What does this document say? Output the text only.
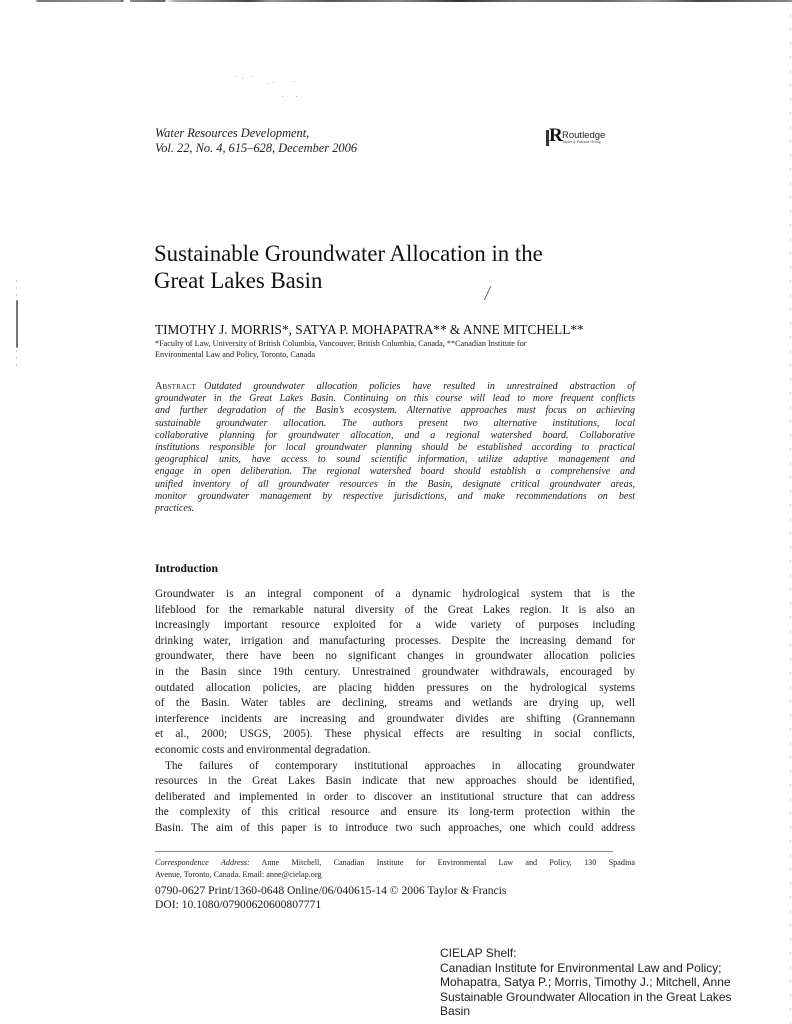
Water Resources Development,
Vol. 22, No. 4, 615–628, December 2006
R Routledge
Taylor & Francis Group
Sustainable Groundwater Allocation in the
Great Lakes Basin
TIMOTHY J. MORRIS*, SATYA P. MOHAPATRA** & ANNE MITCHELL**
*Faculty of Law, University of British Columbia, Vancouver, British Columbia, Canada, **Canadian Institute for
Environmental Law and Policy, Toronto, Canada
Abstract Outdated groundwater allocation policies have resulted in unrestrained abstraction of
groundwater in the Great Lakes Basin. Continuing on this course will lead to more frequent conflicts
and further degradation of the Basin’s ecosystem. Alternative approaches must focus on achieving
sustainable groundwater allocation. The authors present two alternative institutions, local
collaborative planning for groundwater allocation, and a regional watershed board. Collaborative
institutions responsible for local groundwater planning should be established according to practical
geographical units, have access to sound scientific information, utilize adaptive management and
engage in open deliberation. The regional watershed board should establish a comprehensive and
unified inventory of all groundwater resources in the Basin, designate critical groundwater areas,
monitor groundwater management by respective jurisdictions, and make recommendations on best
practices.
Introduction
Groundwater is an integral component of a dynamic hydrological system that is the
lifeblood for the remarkable natural diversity of the Great Lakes region. It is also an
increasingly important resource exploited for a wide variety of purposes including
drinking water, irrigation and manufacturing processes. Despite the increasing demand for
groundwater, there have been no significant changes in groundwater allocation policies
in the Basin since 19th century. Unrestrained groundwater withdrawals, encouraged by
outdated allocation policies, are placing hidden pressures on the hydrological systems
of the Basin. Water tables are declining, streams and wetlands are drying up, well
interference incidents are increasing and groundwater divides are shifting (Grannemann
et al., 2000; USGS, 2005). These physical effects are resulting in social conflicts,
economic costs and environmental degradation.
The failures of contemporary institutional approaches in allocating groundwater
resources in the Great Lakes Basin indicate that new approaches should be identified,
deliberated and implemented in order to discover an institutional structure that can address
the complexity of this critical resource and ensure its long-term protection within the
Basin. The aim of this paper is to introduce two such approaches, one which could address
Correspondence Address: Anne Mitchell, Canadian Institute for Environmental Law and Policy, 130 Spadina
Avenue, Toronto, Canada. Email: anne@cielap.org
0790-0627 Print/1360-0648 Online/06/040615-14 © 2006 Taylor & Francis
DOI: 10.1080/07900620600807771
CIELAP Shelf:
Canadian Institute for Environmental Law and Policy;
Mohapatra, Satya P.; Morris, Timothy J.; Mitchell, Anne
Sustainable Groundwater Allocation in the Great Lakes
Basin
